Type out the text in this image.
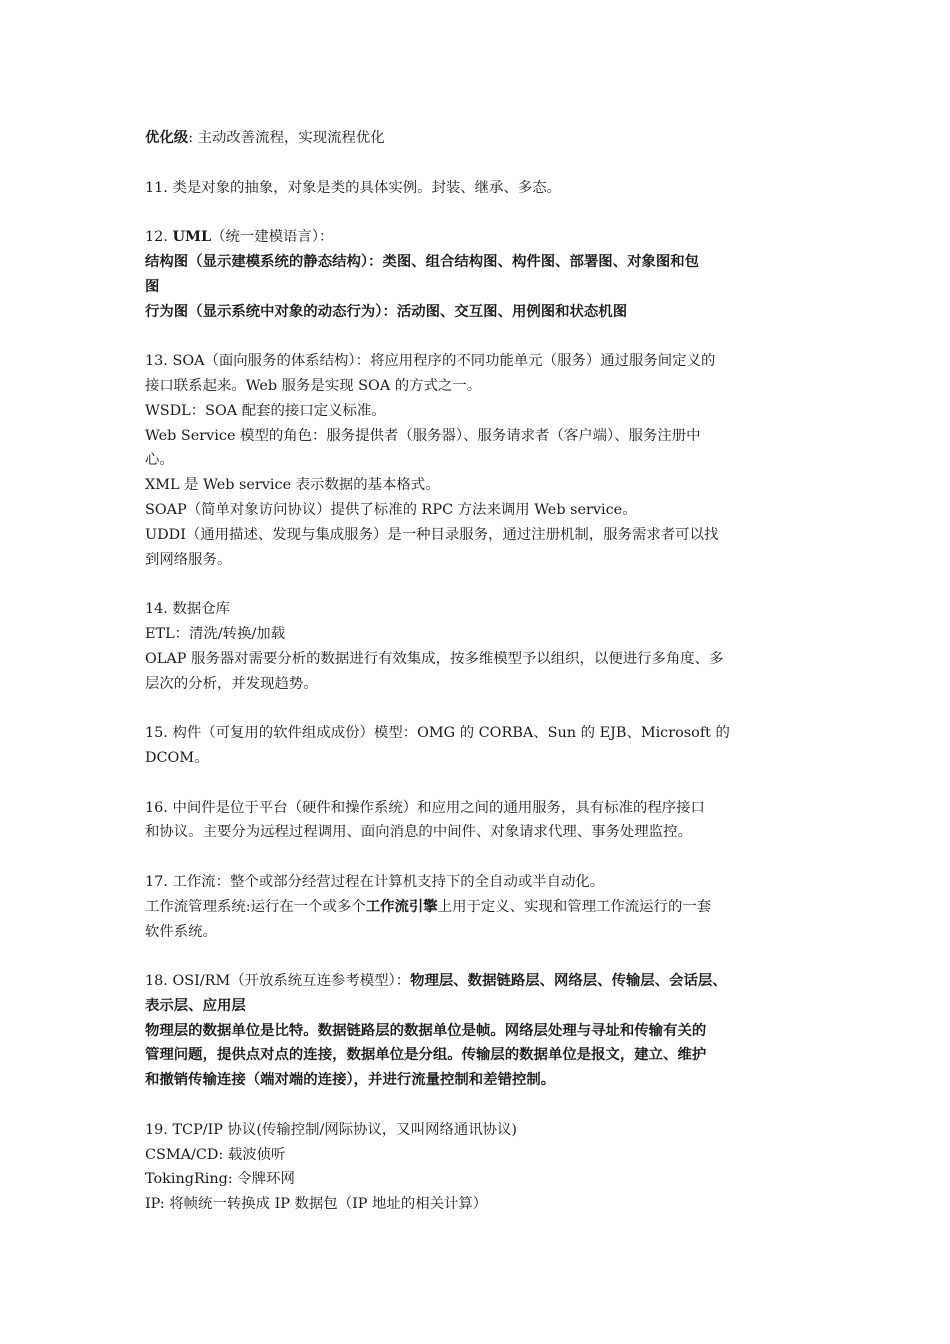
优化级: 主动改善流程，实现流程优化
11. 类是对象的抽象，对象是类的具体实例。封装、继承、多态。
12. UML（统一建模语言）：
结构图（显示建模系统的静态结构）：类图、组合结构图、构件图、部署图、对象图和包
图
行为图（显示系统中对象的动态行为）：活动图、交互图、用例图和状态机图
13. SOA（面向服务的体系结构）：将应用程序的不同功能单元（服务）通过服务间定义的
接口联系起来。Web 服务是实现 SOA 的方式之一。
WSDL：SOA 配套的接口定义标准。
Web Service 模型的角色：服务提供者（服务器）、服务请求者（客户端）、服务注册中
心。
XML 是 Web service 表示数据的基本格式。
SOAP（简单对象访问协议）提供了标准的 RPC 方法来调用 Web service。
UDDI（通用描述、发现与集成服务）是一种目录服务，通过注册机制，服务需求者可以找
到网络服务。
14. 数据仓库
ETL：清洗/转换/加载
OLAP 服务器对需要分析的数据进行有效集成，按多维模型予以组织，以便进行多角度、多
层次的分析，并发现趋势。
15. 构件（可复用的软件组成成份）模型：OMG 的 CORBA、Sun 的 EJB、Microsoft 的
DCOM。
16. 中间件是位于平台（硬件和操作系统）和应用之间的通用服务，具有标准的程序接口
和协议。主要分为远程过程调用、面向消息的中间件、对象请求代理、事务处理监控。
17. 工作流：整个或部分经营过程在计算机支持下的全自动或半自动化。
工作流管理系统:运行在一个或多个工作流引擎上用于定义、实现和管理工作流运行的一套
软件系统。
18. OSI/RM（开放系统互连参考模型）：物理层、数据链路层、网络层、传输层、会话层、
表示层、应用层
物理层的数据单位是比特。数据链路层的数据单位是帧。网络层处理与寻址和传输有关的
管理问题，提供点对点的连接，数据单位是分组。传输层的数据单位是报文，建立、维护
和撤销传输连接（端对端的连接），并进行流量控制和差错控制。
19. TCP/IP 协议(传输控制/网际协议，又叫网络通讯协议)
CSMA/CD: 载波侦听
TokingRing: 令牌环网
IP: 将帧统一转换成 IP 数据包（IP 地址的相关计算）
